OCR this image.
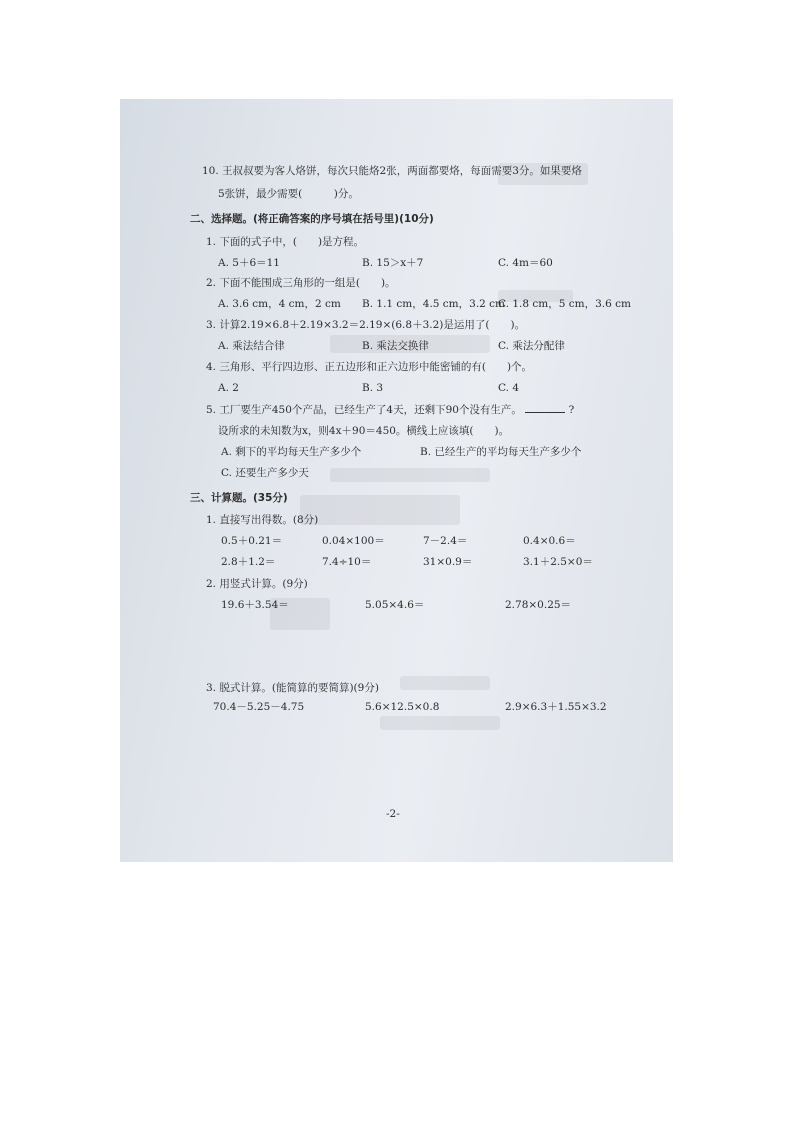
10. 王叔叔要为客人烙饼，每次只能烙2张，两面都要烙，每面需要3分。如果要烙
5张饼，最少需要(　　　)分。
二、选择题。(将正确答案的序号填在括号里)(10分)
1. 下面的式子中，(　　)是方程。
A. 5＋6＝11	B. 15＞x＋7	C. 4m＝60
2. 下面不能围成三角形的一组是(　　)。
A. 3.6 cm，4 cm，2 cm B. 1.1 cm，4.5 cm，3.2 cm
C. 1.8 cm，5 cm，3.6 cm
3. 计算2.19×6.8＋2.19×3.2＝2.19×(6.8＋3.2)是运用了(　　)。
A. 乘法结合律	B. 乘法交换律	C. 乘法分配律
4. 三角形、平行四边形、正五边形和正六边形中能密铺的有(　　)个。
A. 2	B. 3	C. 4
5. 工厂要生产450个产品，已经生产了4天，还剩下90个没有生产。	?
设所求的未知数为x，则4x＋90＝450。横线上应该填(　　)。
A. 剩下的平均每天生产多少个	B. 已经生产的平均每天生产多少个
C. 还要生产多少天
三、计算题。(35分)
1. 直接写出得数。(8分)
0.5＋0.21＝	0.04×100＝	7－2.4＝	0.4×0.6＝
2.8＋1.2＝	7.4÷10＝	31×0.9＝	3.1＋2.5×0＝
2. 用竖式计算。(9分)
19.6＋3.54＝	5.05×4.6＝	2.78×0.25＝
3. 脱式计算。(能简算的要简算)(9分)
70.4－5.25－4.75	5.6×12.5×0.8	2.9×6.3＋1.55×3.2
-2-
